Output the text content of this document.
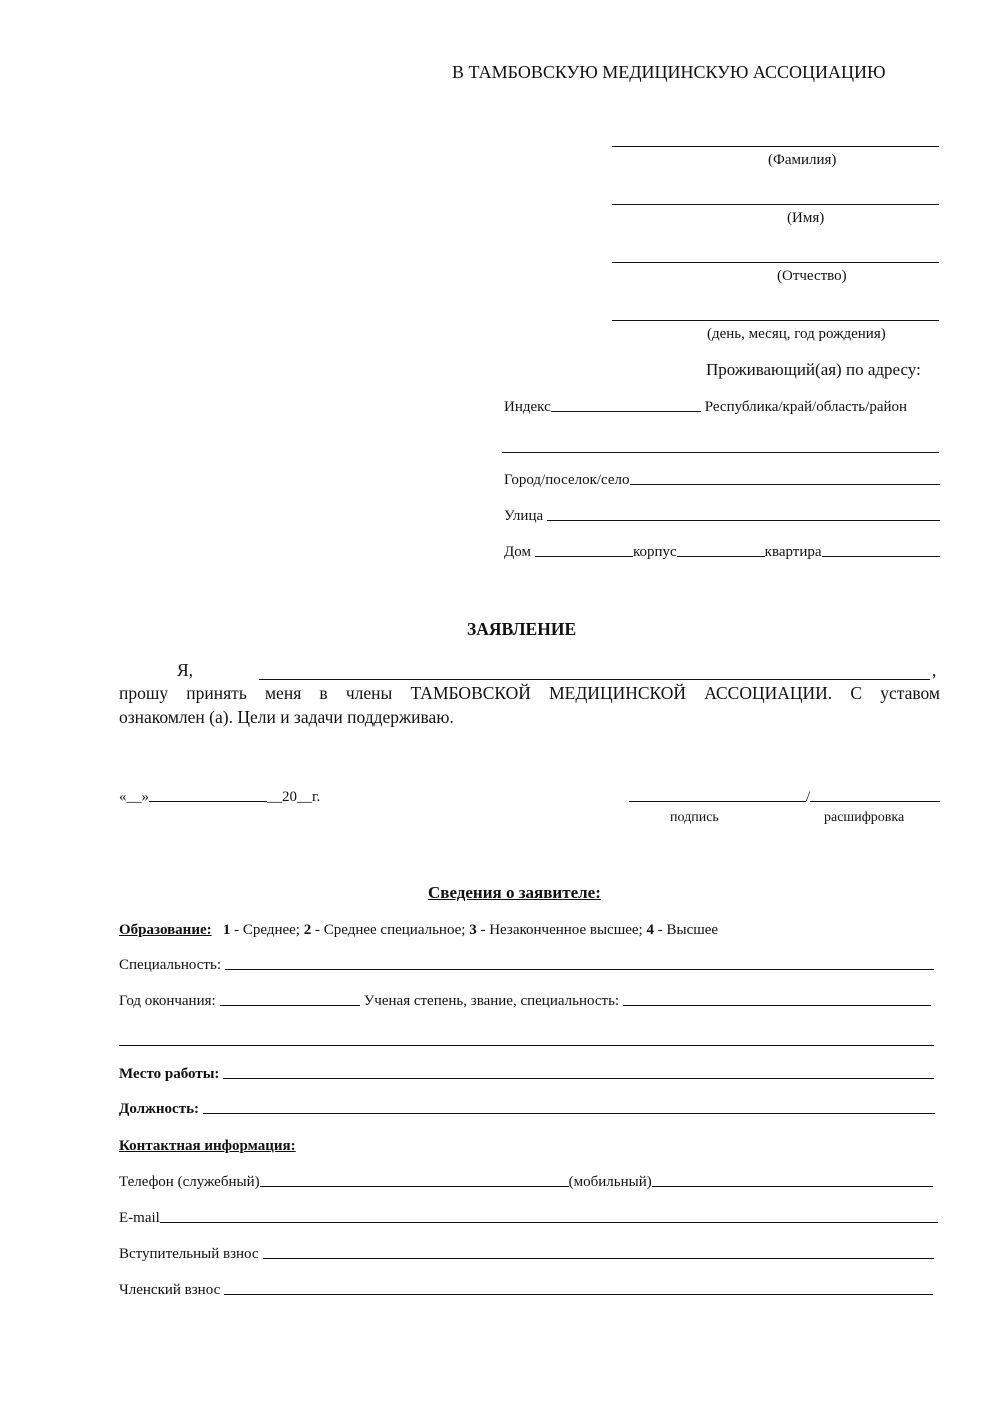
В ТАМБОВСКУЮ МЕДИЦИНСКУЮ АССОЦИАЦИЮ
(Фамилия)
(Имя)
(Отчество)
(день, месяц, год рождения)
Проживающий(ая) по адресу:
Индекс	Республика/край/область/район
Город/поселок/село
Улица
Дом	корпус	квартира
ЗАЯВЛЕНИЕ
Я,	,
прошу принять меня в члены ТАМБОВСКОЙ МЕДИЦИНСКОЙ АССОЦИАЦИИ. С уставом
ознакомлен (а). Цели и задачи поддерживаю.
«__»	__20__г.	/
подпись	расшифровка
Сведения о заявителе:
Образование: 1 - Среднее; 2 - Среднее специальное; 3 - Незаконченное высшее; 4 - Высшее
Специальность:
Год окончания:	Ученая степень, звание, специальность:
Место работы:
Должность:
Контактная информация:
Телефон (служебный)	(мобильный)
E-mail
Вступительный взнос
Членский взнос
